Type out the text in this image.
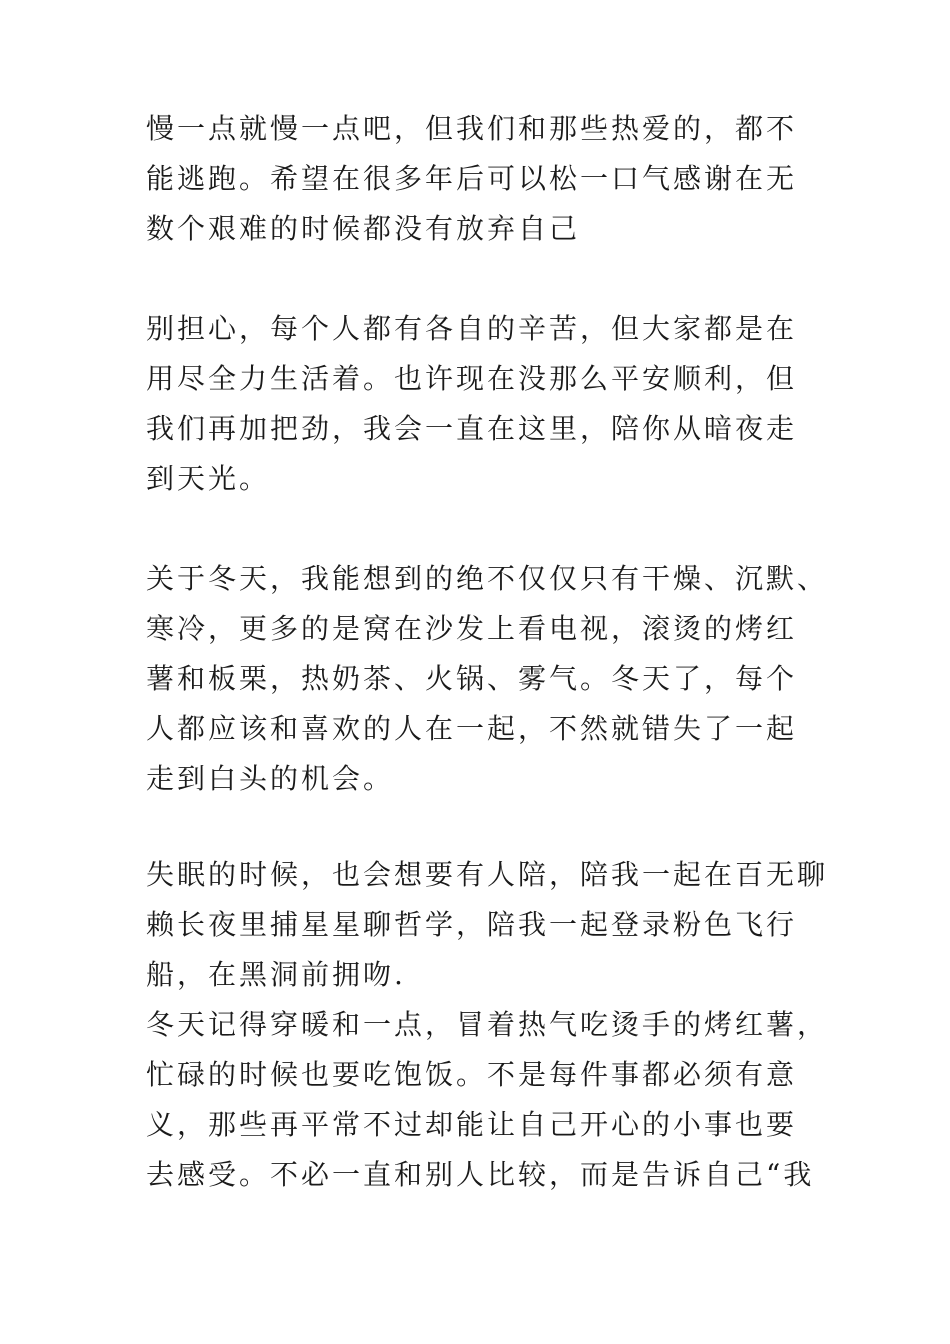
慢一点就慢一点吧，但我们和那些热爱的，都不
能逃跑。希望在很多年后可以松一口气感谢在无
数个艰难的时候都没有放弃自己
别担心，每个人都有各自的辛苦，但大家都是在
用尽全力生活着。也许现在没那么平安顺利，但
我们再加把劲，我会一直在这里，陪你从暗夜走
到天光。
关于冬天，我能想到的绝不仅仅只有干燥、沉默、
寒冷，更多的是窝在沙发上看电视，滚烫的烤红
薯和板栗，热奶茶、火锅、雾气。冬天了，每个
人都应该和喜欢的人在一起，不然就错失了一起
走到白头的机会。
失眠的时候，也会想要有人陪，陪我一起在百无聊
赖长夜里捕星星聊哲学，陪我一起登录粉色飞行
船，在黑洞前拥吻.
冬天记得穿暖和一点，冒着热气吃烫手的烤红薯，
忙碌的时候也要吃饱饭。不是每件事都必须有意
义，那些再平常不过却能让自己开心的小事也要
去感受。不必一直和别人比较，而是告诉自己“我
